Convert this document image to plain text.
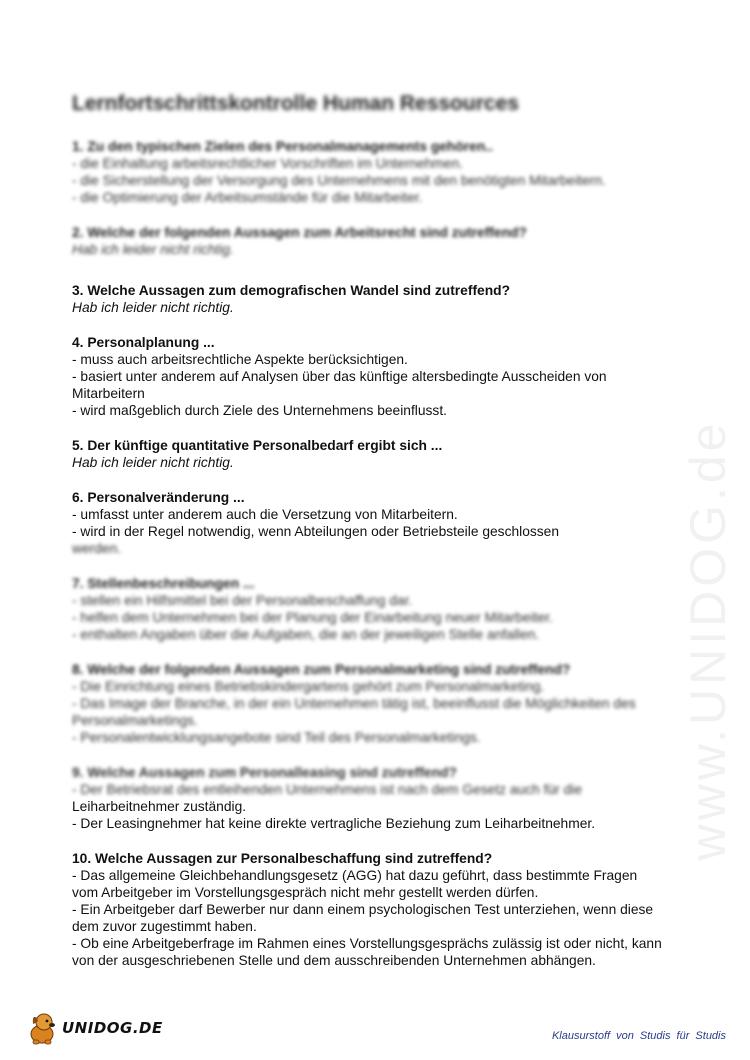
www.UNIDOG.de
Lernfortschrittskontrolle Human Ressources

1. Zu den typischen Zielen des Personalmanagements gehören..

- die Einhaltung arbeitsrechtlicher Vorschriften im Unternehmen.

- die Sicherstellung der Versorgung des Unternehmens mit den benötigten Mitarbeitern.

- die Optimierung der Arbeitsumstände für die Mitarbeiter.

2. Welche der folgenden Aussagen zum Arbeitsrecht sind zutreffend?

Hab ich leider nicht richtig.

3. Welche Aussagen zum demografischen Wandel sind zutreffend?

Hab ich leider nicht richtig.

4. Personalplanung ...

- muss auch arbeitsrechtliche Aspekte berücksichtigen.

- basiert unter anderem auf Analysen über das künftige altersbedingte Ausscheiden von Mitarbeitern

- wird maßgeblich durch Ziele des Unternehmens beeinflusst.

5. Der künftige quantitative Personalbedarf ergibt sich ...

Hab ich leider nicht richtig.

6. Personalveränderung ...

- umfasst unter anderem auch die Versetzung von Mitarbeitern.

- wird in der Regel notwendig, wenn Abteilungen oder Betriebsteile geschlossen

werden.

7. Stellenbeschreibungen ...

- stellen ein Hilfsmittel bei der Personalbeschaffung dar.

- helfen dem Unternehmen bei der Planung der Einarbeitung neuer Mitarbeiter.

- enthalten Angaben über die Aufgaben, die an der jeweiligen Stelle anfallen.

8. Welche der folgenden Aussagen zum Personalmarketing sind zutreffend?

- Die Einrichtung eines Betriebskindergartens gehört zum Personalmarketing.

- Das Image der Branche, in der ein Unternehmen tätig ist, beeinflusst die Möglichkeiten des Personalmarketings.

- Personalentwicklungsangebote sind Teil des Personalmarketings.

9. Welche Aussagen zum Personalleasing sind zutreffend?

- Der Betriebsrat des entleihenden Unternehmens ist nach dem Gesetz auch für die

Leiharbeitnehmer zuständig.

- Der Leasingnehmer hat keine direkte vertragliche Beziehung zum Leiharbeitnehmer.

10. Welche Aussagen zur Personalbeschaffung sind zutreffend?

- Das allgemeine Gleichbehandlungsgesetz (AGG) hat dazu geführt, dass bestimmte Fragen vom Arbeitgeber im Vorstellungsgespräch nicht mehr gestellt werden dürfen.

- Ein Arbeitgeber darf Bewerber nur dann einem psychologischen Test unterziehen, wenn diese dem zuvor zugestimmt haben.

- Ob eine Arbeitgeberfrage im Rahmen eines Vorstellungsgesprächs zulässig ist oder nicht, kann von der ausgeschriebenen Stelle und dem ausschreibenden Unternehmen abhängen.

UNIDOG.DE	Klausurstoff von Studis für Studis
